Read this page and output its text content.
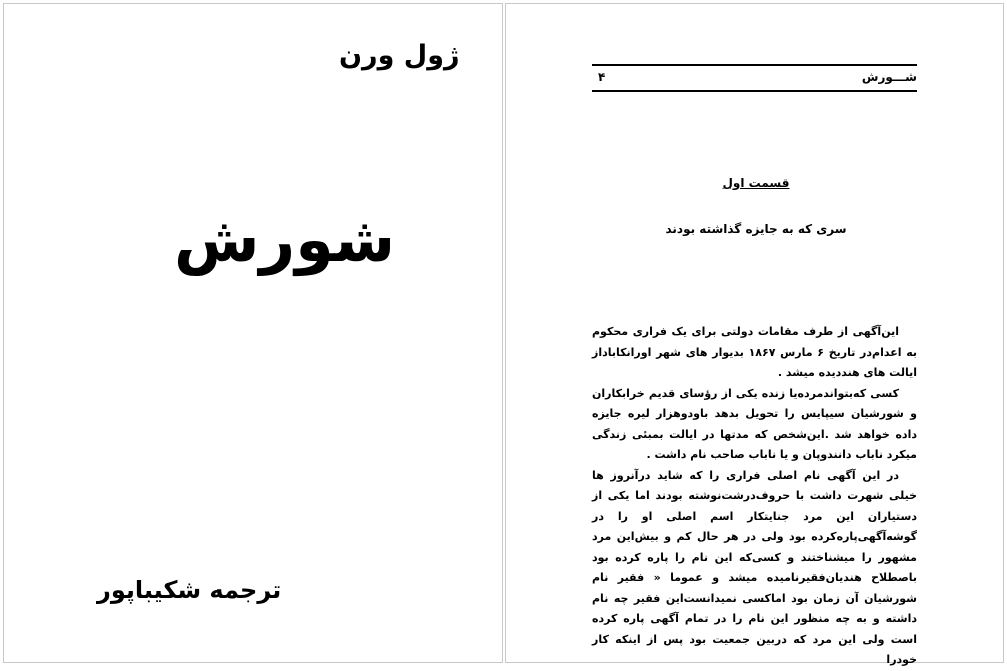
ژول ورن
شورش
ترجمه شکیباپور
شـــورش
۴
قسمت اول
سری که به جایزه گذاشته بودند

این‌آگهی از طرف مقامات دولتی برای یک فراری محکوم به اعدام‌در تاریخ ۶ مارس ۱۸۶۷ بدیوار های شهر اورانکاباداز ایالت های هنددیده میشد .

کسی که‌بتواندمرده‌یا زنده یکی از رو‌ٔسای قدیم خرابکاران و شورشیان سیپایس را تحویل بدهد باودوهزار لیره جایزه داده خواهد شد .این‌شخص که مدتها در ایالت بمبئی زندگی میکرد ناباب دانندوپان و یا ناباب صاحب نام داشت .

در این آگهی نام اصلی فراری را که شاید درآنروز ها خیلی شهرت داشت با حروف‌درشت‌نوشته بودند اما یکی از دستیاران این مرد جنایتکار اسم اصلی او را در گوشه‌آگهی‌پاره‌کرده بود ولی در هر حال کم و بیش‌این مرد مشهور را میشناختند و کسی‌که این نام را پاره کرده بود باصطلاح هندیان‌فقیرنامیده میشد و عموما « فقیر نام شورشیان آن زمان بود اماکسی نمیدانست‌این فقیر چه نام داشته و به چه منظور این نام را در تمام آگهی پاره کرده است ولی این مرد که دربین جمعیت بود پس از اینکه کار خودرا
